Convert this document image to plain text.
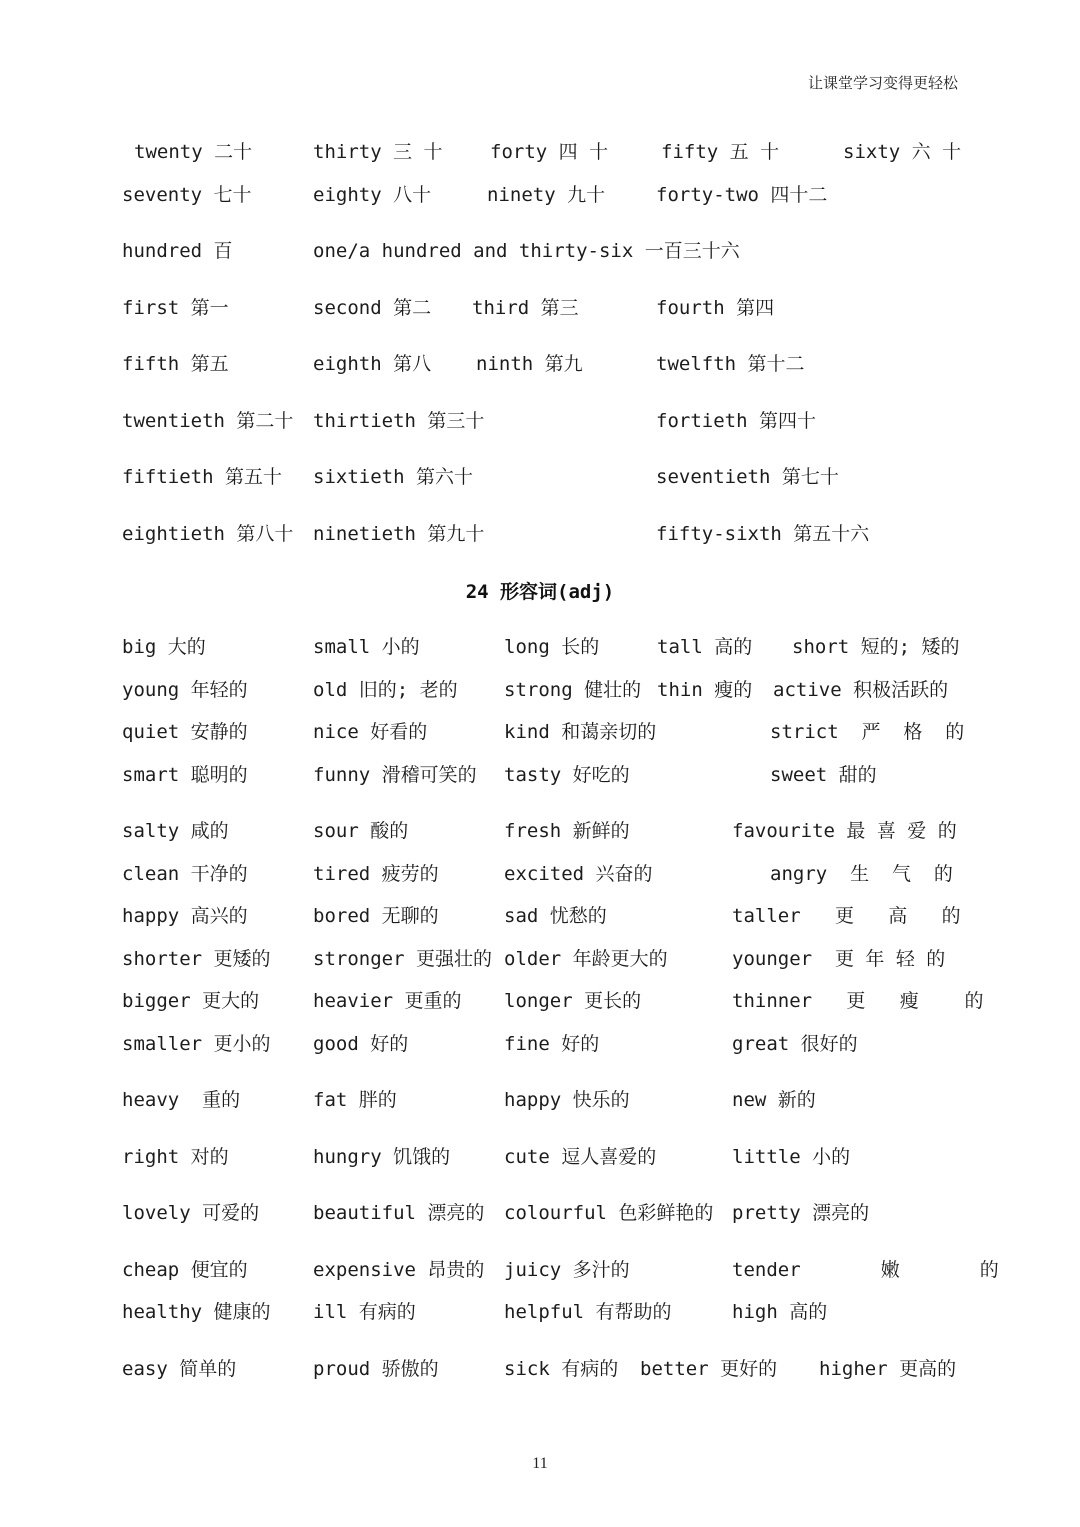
让课堂学习变得更轻松
twenty 二十	thirty 三 十 forty 四 十	fifty 五 十	sixty 六 十
seventy 七十	eighty 八十	ninety 九十	forty-two 四十二
hundred 百	one/a hundred and thirty-six 一百三十六
first 第一	second 第二 third 第三	fourth 第四
fifth 第五	eighth 第八 ninth 第九	twelfth 第十二
twentieth 第二十 thirtieth 第三十	fortieth 第四十
fiftieth 第五十 sixtieth 第六十	seventieth 第七十
eightieth 第八十 ninetieth 第九十	fifty-sixth 第五十六
24 形容词(adj)
big 大的	small 小的	long 长的	tall 高的 short 短的; 矮的
young 年轻的	old 旧的; 老的 strong 健壮的 thin 瘦的 active 积极活跃的
quiet 安静的	nice 好看的	kind 和蔼亲切的	strict  严  格  的
smart 聪明的	funny 滑稽可笑的 tasty 好吃的	sweet 甜的
salty 咸的	sour 酸的	fresh 新鲜的	favourite 最 喜 爱 的
clean 干净的	tired 疲劳的	excited 兴奋的	angry  生  气  的
happy 高兴的	bored 无聊的	sad 忧愁的	taller   更   高   的
shorter 更矮的 stronger 更强壮的 older 年龄更大的	younger  更 年 轻 的
bigger 更大的	heavier 更重的 longer 更长的	thinner   更   瘦    的
smaller 更小的 good 好的	fine 好的	great 很好的
heavy  重的	fat 胖的	happy 快乐的	new 新的
right 对的	hungry 饥饿的	cute 逗人喜爱的	little 小的
lovely 可爱的	beautiful 漂亮的 colourful 色彩鲜艳的 pretty 漂亮的
cheap 便宜的	expensive 昂贵的 juicy 多汁的	tender       嫩       的
healthy 健康的 ill 有病的	helpful 有帮助的	high 高的
easy 简单的	proud 骄傲的	sick 有病的 better 更好的 higher 更高的
11
